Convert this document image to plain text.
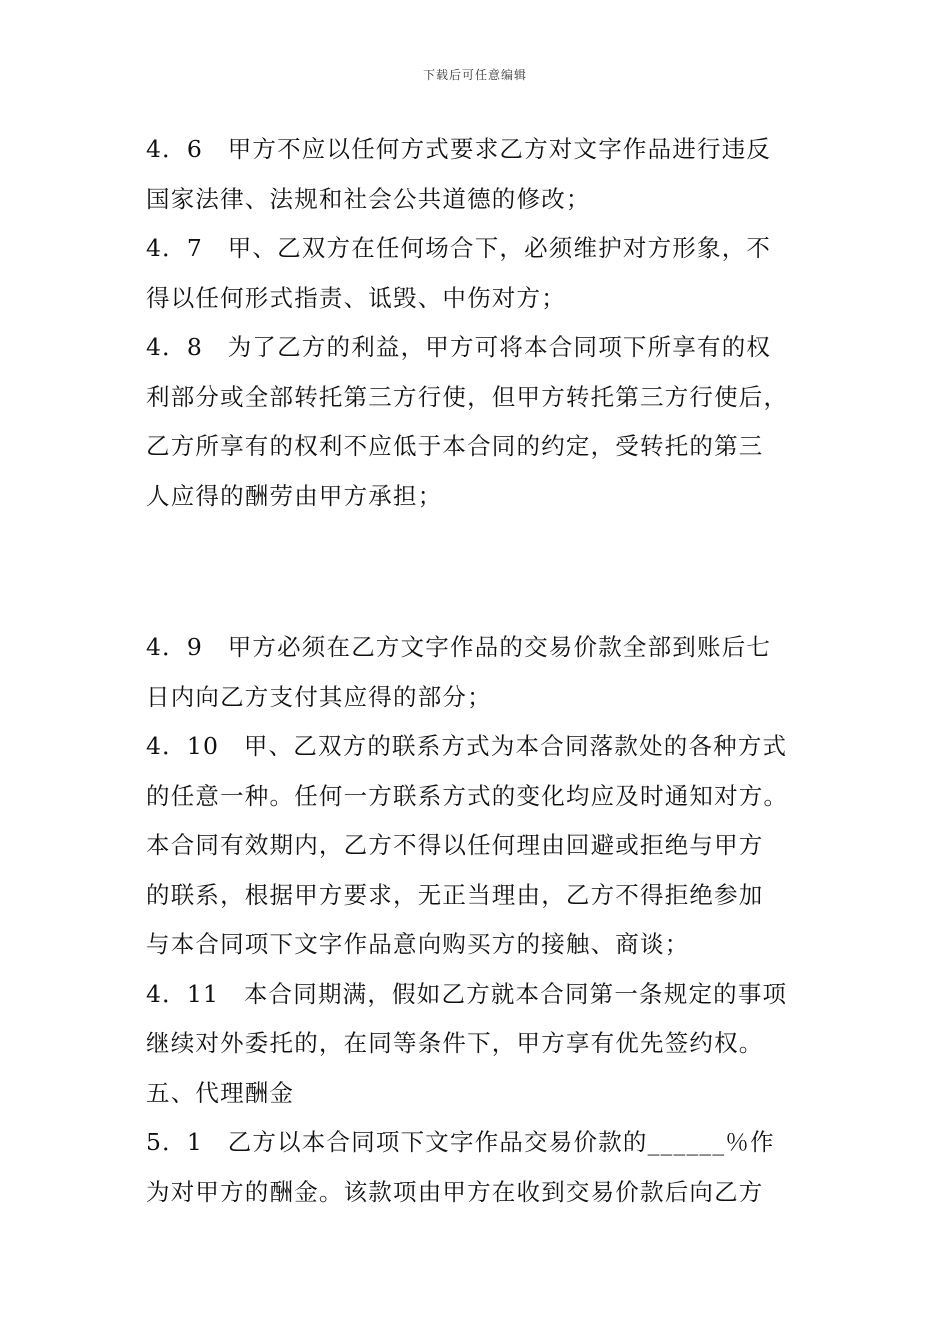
下载后可任意编辑

4．6　甲方不应以任何方式要求乙方对文字作品进行违反

国家法律、法规和社会公共道德的修改；

4．7　甲、乙双方在任何场合下，必须维护对方形象，不

得以任何形式指责、诋毁、中伤对方；

4．8　为了乙方的利益，甲方可将本合同项下所享有的权

利部分或全部转托第三方行使，但甲方转托第三方行使后，

乙方所享有的权利不应低于本合同的约定，受转托的第三

人应得的酬劳由甲方承担；

4．9　甲方必须在乙方文字作品的交易价款全部到账后七

日内向乙方支付其应得的部分；

4．10　甲、乙双方的联系方式为本合同落款处的各种方式

的任意一种。任何一方联系方式的变化均应及时通知对方。

本合同有效期内，乙方不得以任何理由回避或拒绝与甲方

的联系，根据甲方要求，无正当理由，乙方不得拒绝参加

与本合同项下文字作品意向购买方的接触、商谈；

4．11　本合同期满，假如乙方就本合同第一条规定的事项

继续对外委托的，在同等条件下，甲方享有优先签约权。

五、代理酬金

5．1　乙方以本合同项下文字作品交易价款的______％作

为对甲方的酬金。该款项由甲方在收到交易价款后向乙方
